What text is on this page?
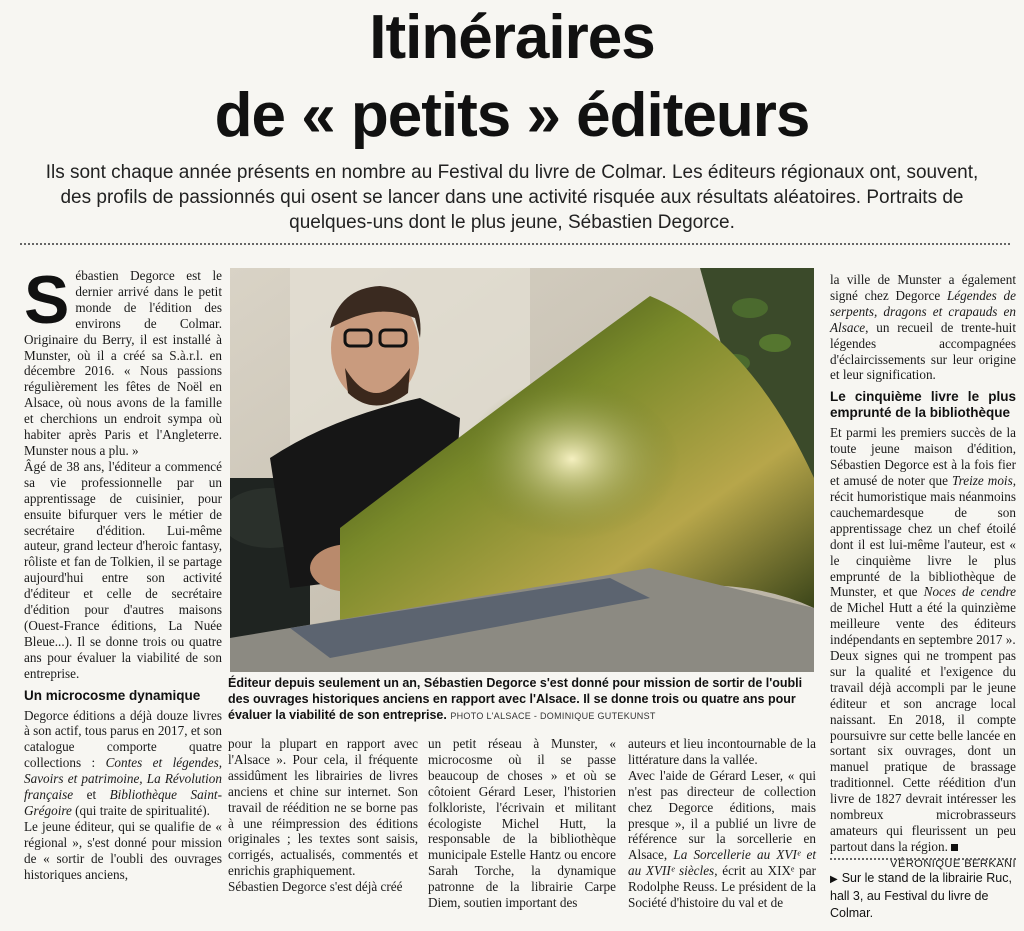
Itinéraires
de « petits » éditeurs
Ils sont chaque année présents en nombre au Festival du livre de Colmar. Les éditeurs régionaux ont, souvent, des profils de passionnés qui osent se lancer dans une activité risquée aux résultats aléatoires. Portraits de quelques-uns dont le plus jeune, Sébastien Degorce.

Sébastien Degorce est le dernier arrivé dans le petit monde de l'édition des environs de Colmar. Originaire du Berry, il est installé à Munster, où il a créé sa S.à.r.l. en décembre 2016. « Nous passions régulièrement les fêtes de Noël en Alsace, où nous avons de la famille et cherchions un endroit sympa où habiter après Paris et l'Angleterre. Munster nous a plu. »

Âgé de 38 ans, l'éditeur a commencé sa vie professionnelle par un apprentissage de cuisinier, pour ensuite bifurquer vers le métier de secrétaire d'édition. Lui-même auteur, grand lecteur d'heroic fantasy, rôliste et fan de Tolkien, il se partage aujourd'hui entre son activité d'éditeur et celle de secrétaire d'édition pour d'autres maisons (Ouest-France éditions, La Nuée Bleue...). Il se donne trois ou quatre ans pour évaluer la viabilité de son entreprise.

Un microcosme dynamique

Degorce éditions a déjà douze livres à son actif, tous parus en 2017, et son catalogue comporte quatre collections : Contes et légendes, Savoirs et patrimoine, La Révolution française et Bibliothèque Saint-Grégoire (qui traite de spiritualité).

Le jeune éditeur, qui se qualifie de « régional », s'est donné pour mission de « sortir de l'oubli des ouvrages historiques anciens,

Éditeur depuis seulement un an, Sébastien Degorce s'est donné pour mission de sortir de l'oubli des ouvrages historiques anciens en rapport avec l'Alsace. Il se donne trois ou quatre ans pour évaluer la viabilité de son entreprise. PHOTO L'ALSACE - DOMINIQUE GUTEKUNST

pour la plupart en rapport avec l'Alsace ». Pour cela, il fréquente assidûment les librairies de livres anciens et chine sur internet. Son travail de réédition ne se borne pas à une réimpression des éditions originales ; les textes sont saisis, corrigés, actualisés, commentés et enrichis graphiquement.

Sébastien Degorce s'est déjà créé

un petit réseau à Munster, « microcosme où il se passe beaucoup de choses » et où se côtoient Gérard Leser, l'historien folkloriste, l'écrivain et militant écologiste Michel Hutt, la responsable de la bibliothèque municipale Estelle Hantz ou encore Sarah Torche, la dynamique patronne de la librairie Carpe Diem, soutien important des

auteurs et lieu incontournable de la littérature dans la vallée.

Avec l'aide de Gérard Leser, « qui n'est pas directeur de collection chez Degorce éditions, mais presque », il a publié un livre de référence sur la sorcellerie en Alsace, La Sorcellerie au XVIᵉ et au XVIIᵉ siècles, écrit au XIXᵉ par Rodolphe Reuss. Le président de la Société d'histoire du val et de

la ville de Munster a également signé chez Degorce Légendes de serpents, dragons et crapauds en Alsace, un recueil de trente-huit légendes accompagnées d'éclaircissements sur leur origine et leur signification.

Le cinquième livre le plus emprunté de la bibliothèque

Et parmi les premiers succès de la toute jeune maison d'édition, Sébastien Degorce est à la fois fier et amusé de noter que Treize mois, récit humoristique mais néanmoins cauchemardesque de son apprentissage chez un chef étoilé dont il est lui-même l'auteur, est « le cinquième livre le plus emprunté de la bibliothèque de Munster, et que Noces de cendre de Michel Hutt a été la quinzième meilleure vente des éditeurs indépendants en septembre 2017 ».

Deux signes qui ne trompent pas sur la qualité et l'exigence du travail déjà accompli par le jeune éditeur et son ancrage local naissant. En 2018, il compte poursuivre sur cette belle lancée en sortant six ouvrages, dont un manuel pratique de brassage traditionnel. Cette réédition d'un livre de 1827 devrait intéresser les nombreux microbrasseurs amateurs qui fleurissent un peu partout dans la région.

VÉRONIQUE BERKANI
▶ Sur le stand de la librairie Ruc, hall 3, au Festival du livre de Colmar.
